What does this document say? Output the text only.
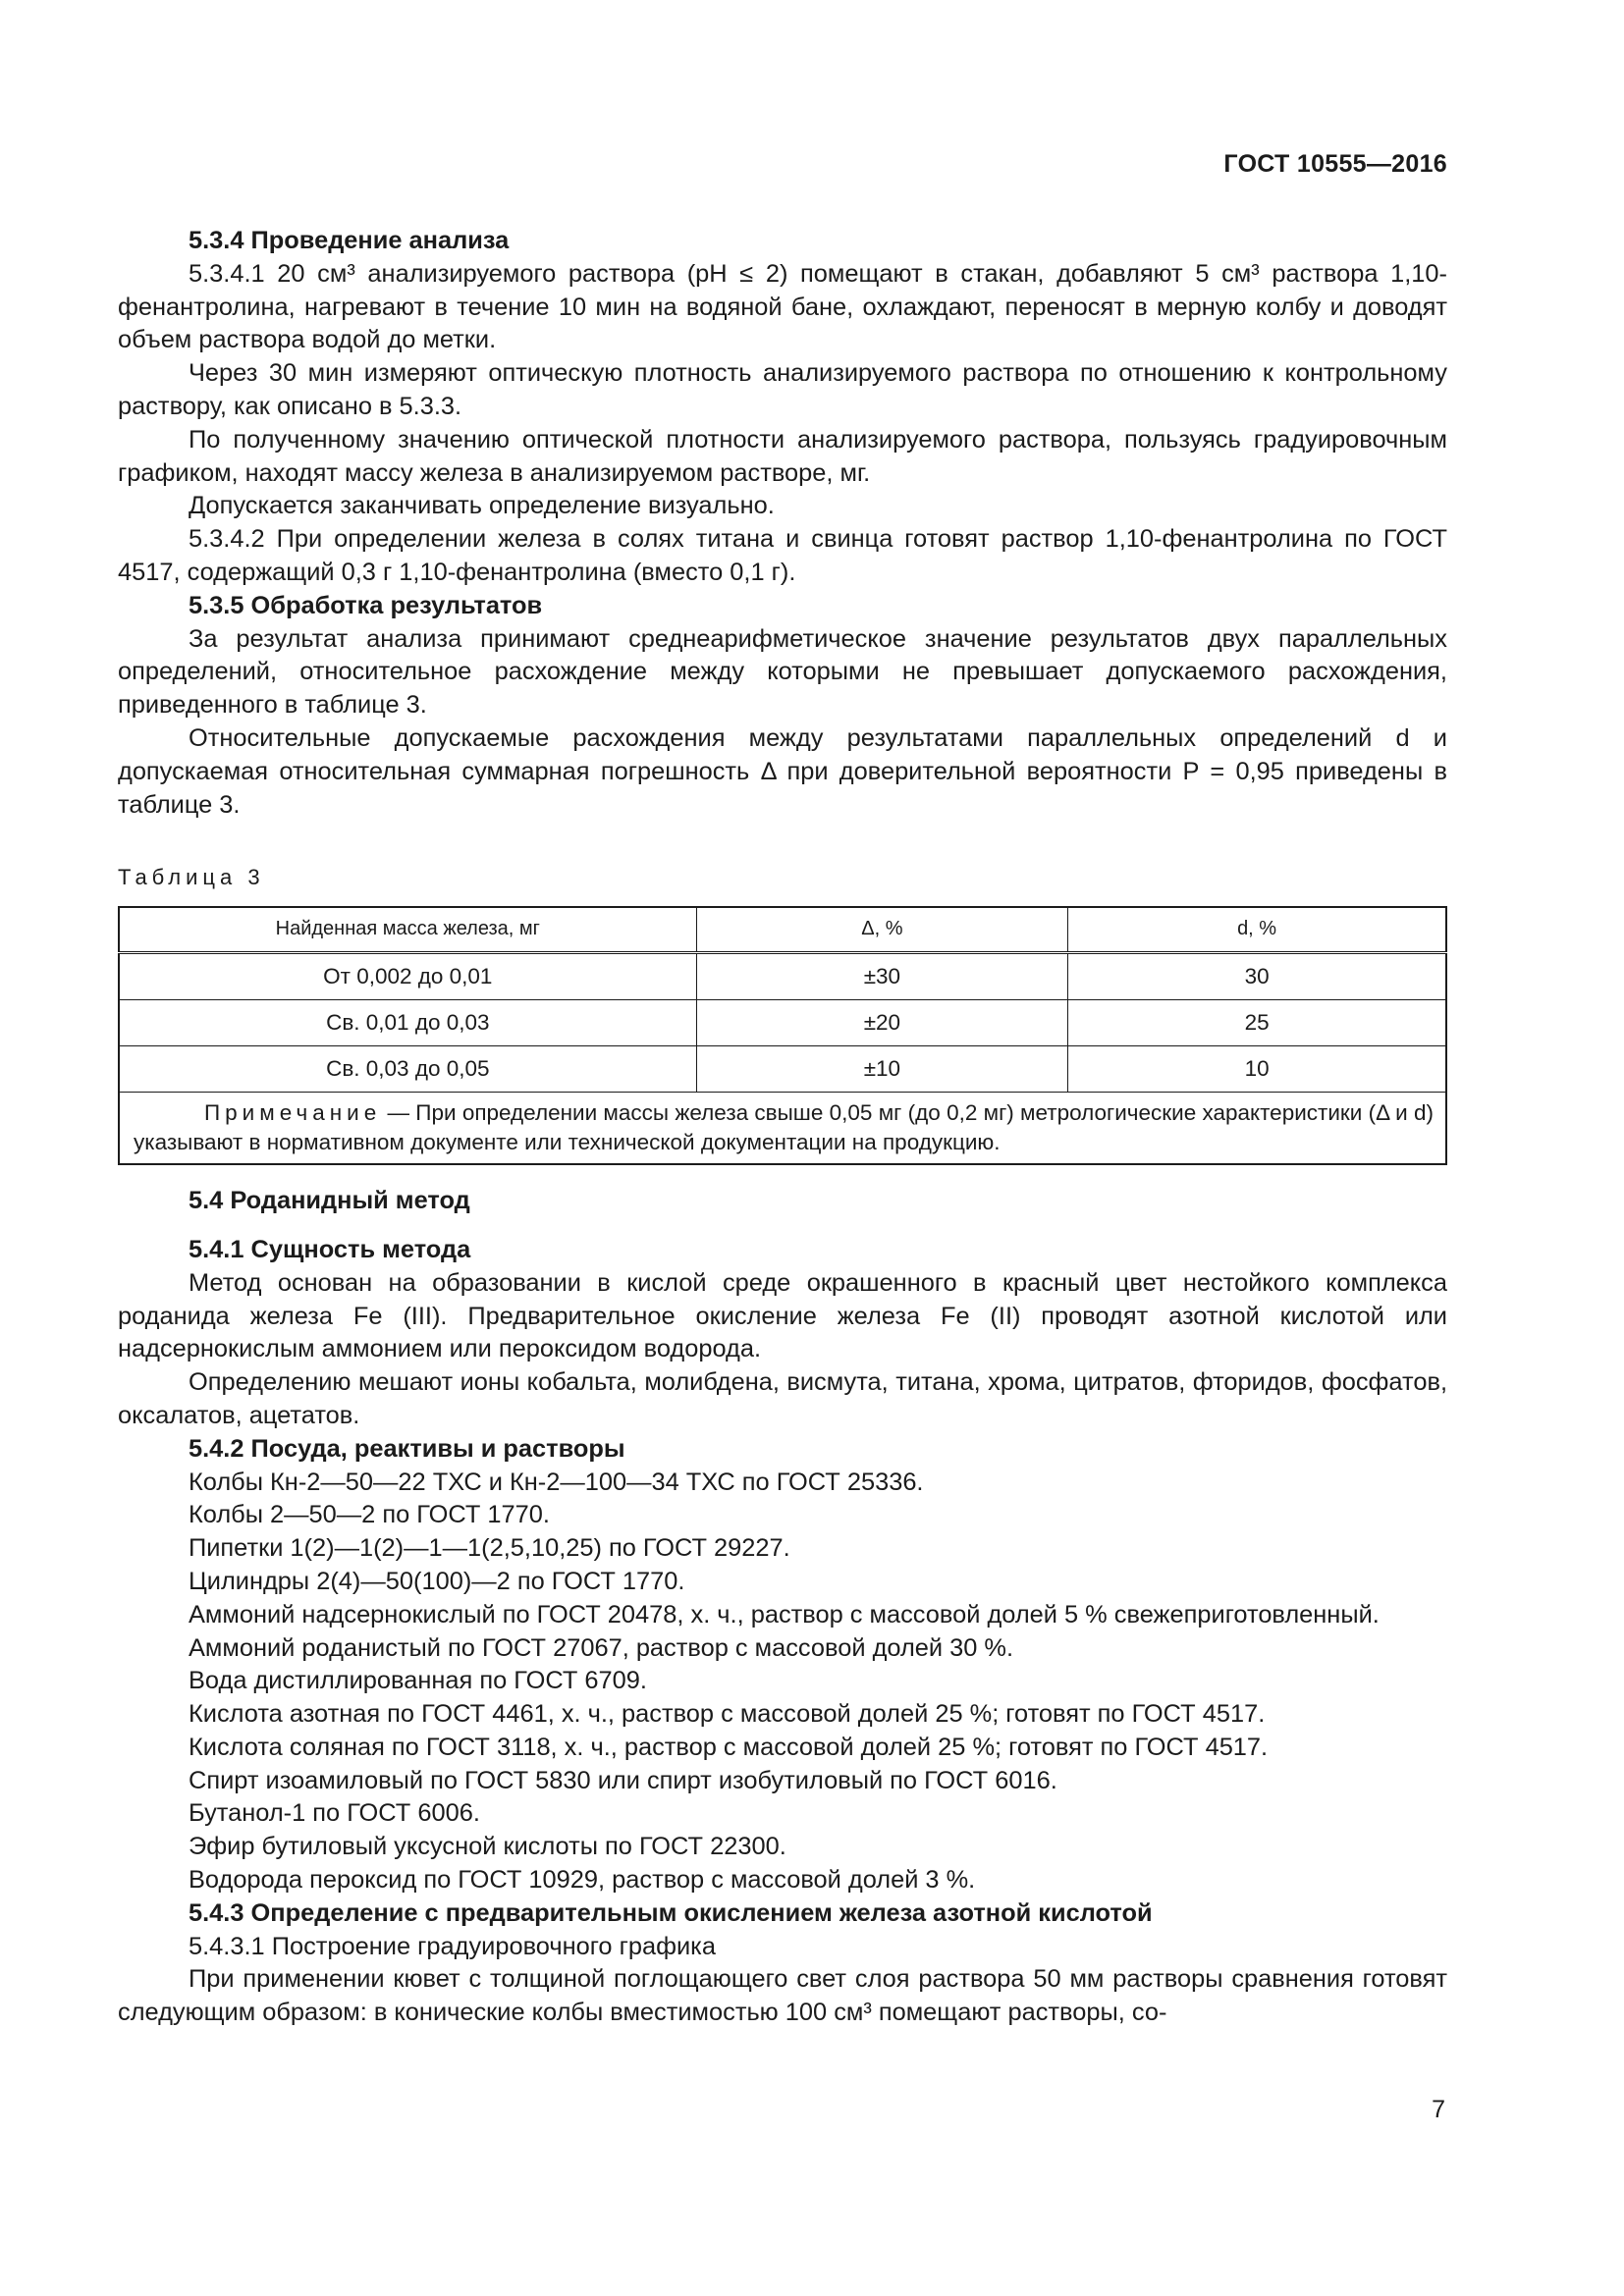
ГОСТ 10555—2016
5.3.4 Проведение анализа
5.3.4.1 20 см³ анализируемого раствора (pH ≤ 2) помещают в стакан, добавляют 5 см³ раствора 1,10-фенантролина, нагревают в течение 10 мин на водяной бане, охлаждают, переносят в мерную колбу и доводят объем раствора водой до метки.
Через 30 мин измеряют оптическую плотность анализируемого раствора по отношению к контрольному раствору, как описано в 5.3.3.
По полученному значению оптической плотности анализируемого раствора, пользуясь градуировочным графиком, находят массу железа в анализируемом растворе, мг.
Допускается заканчивать определение визуально.
5.3.4.2 При определении железа в солях титана и свинца готовят раствор 1,10-фенантролина по ГОСТ 4517, содержащий 0,3 г 1,10-фенантролина (вместо 0,1 г).
5.3.5 Обработка результатов
За результат анализа принимают среднеарифметическое значение результатов двух параллельных определений, относительное расхождение между которыми не превышает допускаемого расхождения, приведенного в таблице 3.
Относительные допускаемые расхождения между результатами параллельных определений d и допускаемая относительная суммарная погрешность Δ при доверительной вероятности P = 0,95 приведены в таблице 3.
Таблица 3
Найденная масса железа, мг	Δ, %	d, %
От 0,002 до 0,01	±30	30
Св. 0,01 до 0,03	±20	25
Св. 0,03 до 0,05	±10	10
Примечание — При определении массы железа свыше 0,05 мг (до 0,2 мг) метрологические характеристики (Δ и d) указывают в нормативном документе или технической документации на продукцию.		
5.4 Роданидный метод
5.4.1 Сущность метода
Метод основан на образовании в кислой среде окрашенного в красный цвет нестойкого комплекса роданида железа Fe (III). Предварительное окисление железа Fe (II) проводят азотной кислотой или надсернокислым аммонием или пероксидом водорода.
Определению мешают ионы кобальта, молибдена, висмута, титана, хрома, цитратов, фторидов, фосфатов, оксалатов, ацетатов.
5.4.2 Посуда, реактивы и растворы
Колбы Кн-2—50—22 ТХС и Кн-2—100—34 ТХС по ГОСТ 25336.
Колбы 2—50—2 по ГОСТ 1770.
Пипетки 1(2)—1(2)—1—1(2,5,10,25) по ГОСТ 29227.
Цилиндры 2(4)—50(100)—2 по ГОСТ 1770.
Аммоний надсернокислый по ГОСТ 20478, х. ч., раствор с массовой долей 5 % свежеприготовленный.
Аммоний роданистый по ГОСТ 27067, раствор с массовой долей 30 %.
Вода дистиллированная по ГОСТ 6709.
Кислота азотная по ГОСТ 4461, х. ч., раствор с массовой долей 25 %; готовят по ГОСТ 4517.
Кислота соляная по ГОСТ 3118, х. ч., раствор с массовой долей 25 %; готовят по ГОСТ 4517.
Спирт изоамиловый по ГОСТ 5830 или спирт изобутиловый по ГОСТ 6016.
Бутанол-1 по ГОСТ 6006.
Эфир бутиловый уксусной кислоты по ГОСТ 22300.
Водорода пероксид по ГОСТ 10929, раствор с массовой долей 3 %.
5.4.3 Определение с предварительным окислением железа азотной кислотой
5.4.3.1 Построение градуировочного графика
При применении кювет с толщиной поглощающего свет слоя раствора 50 мм растворы сравнения готовят следующим образом: в конические колбы вместимостью 100 см³ помещают растворы, со-
7
